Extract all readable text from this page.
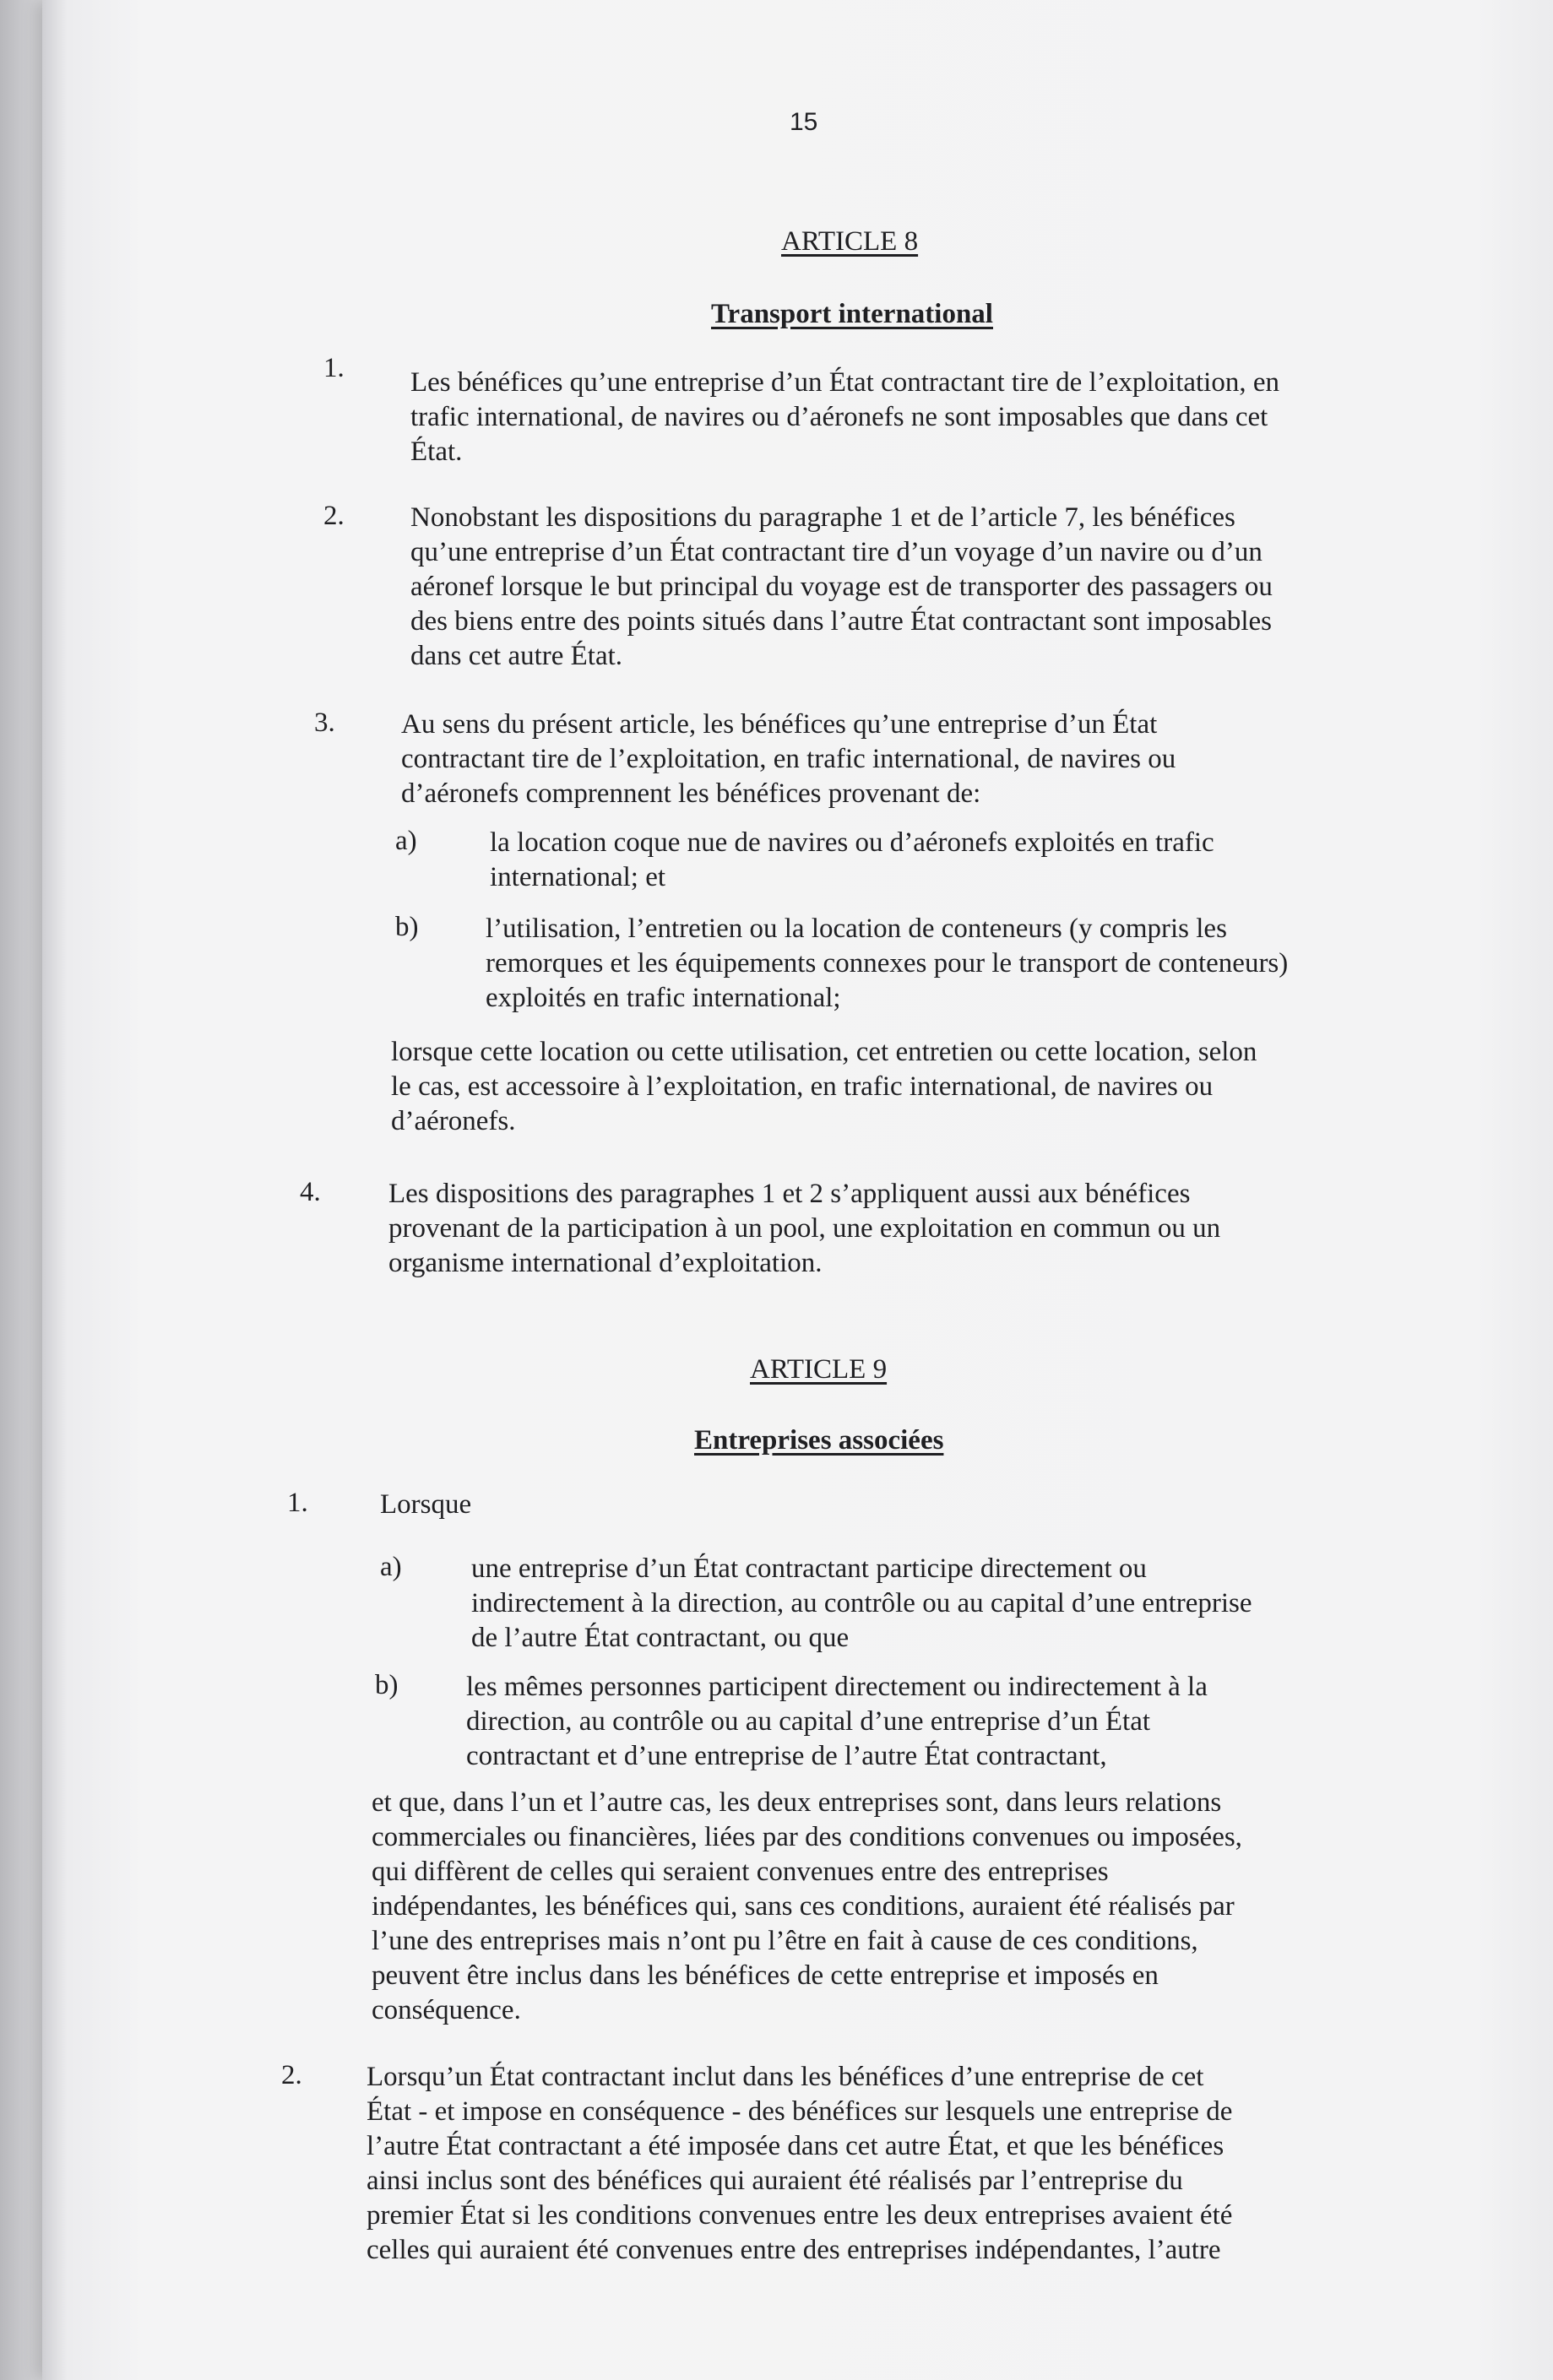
15
ARTICLE 8
Transport international
1. Les bénéfices qu’une entreprise d’un État contractant tire de l’exploitation, en
trafic international, de navires ou d’aéronefs ne sont imposables que dans cet
État.
2. Nonobstant les dispositions du paragraphe 1 et de l’article 7, les bénéfices
qu’une entreprise d’un État contractant tire d’un voyage d’un navire ou d’un
aéronef lorsque le but principal du voyage est de transporter des passagers ou
des biens entre des points situés dans l’autre État contractant sont imposables
dans cet autre État.
3. Au sens du présent article, les bénéfices qu’une entreprise d’un État
contractant tire de l’exploitation, en trafic international, de navires ou
d’aéronefs comprennent les bénéfices provenant de:
a)	la location coque nue de navires ou d’aéronefs exploités en trafic
international; et
b) l’utilisation, l’entretien ou la location de conteneurs (y compris les
remorques et les équipements connexes pour le transport de conteneurs)
exploités en trafic international;
lorsque cette location ou cette utilisation, cet entretien ou cette location, selon
le cas, est accessoire à l’exploitation, en trafic international, de navires ou
d’aéronefs.
4. Les dispositions des paragraphes 1 et 2 s’appliquent aussi aux bénéfices
provenant de la participation à un pool, une exploitation en commun ou un
organisme international d’exploitation.
ARTICLE 9
Entreprises associées
1.	Lorsque
a) une entreprise d’un État contractant participe directement ou
indirectement à la direction, au contrôle ou au capital d’une entreprise
de l’autre État contractant, ou que
b) les mêmes personnes participent directement ou indirectement à la
direction, au contrôle ou au capital d’une entreprise d’un État
contractant et d’une entreprise de l’autre État contractant,
et que, dans l’un et l’autre cas, les deux entreprises sont, dans leurs relations
commerciales ou financières, liées par des conditions convenues ou imposées,
qui diffèrent de celles qui seraient convenues entre des entreprises
indépendantes, les bénéfices qui, sans ces conditions, auraient été réalisés par
l’une des entreprises mais n’ont pu l’être en fait à cause de ces conditions,
peuvent être inclus dans les bénéfices de cette entreprise et imposés en
conséquence.
2. Lorsqu’un État contractant inclut dans les bénéfices d’une entreprise de cet
État - et impose en conséquence - des bénéfices sur lesquels une entreprise de
l’autre État contractant a été imposée dans cet autre État, et que les bénéfices
ainsi inclus sont des bénéfices qui auraient été réalisés par l’entreprise du
premier État si les conditions convenues entre les deux entreprises avaient été
celles qui auraient été convenues entre des entreprises indépendantes, l’autre
